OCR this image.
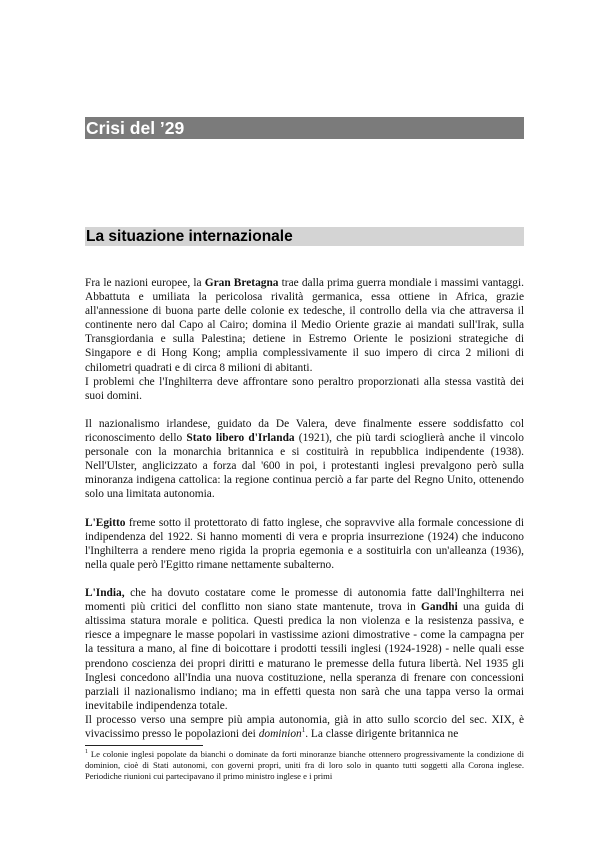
Crisi del ’29
La situazione internazionale

Fra le nazioni europee, la Gran Bretagna trae dalla prima guerra mondiale i massimi vantaggi. Abbattuta e umiliata la pericolosa rivalità germanica, essa ottiene in Africa, grazie all'annessione di buona parte delle colonie ex tedesche, il controllo della via che attraversa il continente nero dal Capo al Cairo; domina il Medio Oriente grazie ai mandati sull'Irak, sulla Transgiordania e sulla Palestina; detiene in Estremo Oriente le posizioni strategiche di Singapore e di Hong Kong; amplia complessivamente il suo impero di circa 2 milioni di chilometri quadrati e di circa 8 milioni di abitanti.

I problemi che l'Inghilterra deve affrontare sono peraltro proporzionati alla stessa vastità dei suoi domini.

Il nazionalismo irlandese, guidato da De Valera, deve finalmente essere soddisfatto col riconoscimento dello Stato libero d'Irlanda (1921), che più tardi scioglierà anche il vincolo personale con la monarchia britannica e si costituirà in repubblica indipendente (1938). Nell'Ulster, anglicizzato a forza dal '600 in poi, i protestanti inglesi prevalgono però sulla minoranza indigena cattolica: la regione continua perciò a far parte del Regno Unito, ottenendo solo una limitata autonomia.

L'Egitto freme sotto il protettorato di fatto inglese, che sopravvive alla formale concessione di indipendenza del 1922. Si hanno momenti di vera e propria insurrezione (1924) che inducono l'Inghilterra a rendere meno rigida la propria egemonia e a sostituirla con un'alleanza (1936), nella quale però l'Egitto rimane nettamente subalterno.

L'India, che ha dovuto costatare come le promesse di autonomia fatte dall'Inghilterra nei momenti più critici del conflitto non siano state mantenute, trova in Gandhi una guida di altissima statura morale e politica. Questi predica la non violenza e la resistenza passiva, e riesce a impegnare le masse popolari in vastissime azioni dimostrative - come la campagna per la tessitura a mano, al fine di boicottare i prodotti tessili inglesi (1924-1928) - nelle quali esse prendono coscienza dei propri diritti e maturano le premesse della futura libertà. Nel 1935 gli Inglesi concedono all'India una nuova costituzione, nella speranza di frenare con concessioni parziali il nazionalismo indiano; ma in effetti questa non sarà che una tappa verso la ormai inevitabile indipendenza totale.

Il processo verso una sempre più ampia autonomia, già in atto sullo scorcio del sec. XIX, è vivacissimo presso le popolazioni dei dominion$^1$. La classe dirigente britannica ne

$^1$ Le colonie inglesi popolate da bianchi o dominate da forti minoranze bianche ottennero progressivamente la condizione di dominion, cioè di Stati autonomi, con governi propri, uniti fra di loro solo in quanto tutti soggetti alla Corona inglese. Periodiche riunioni cui partecipavano il primo ministro inglese e i primi
